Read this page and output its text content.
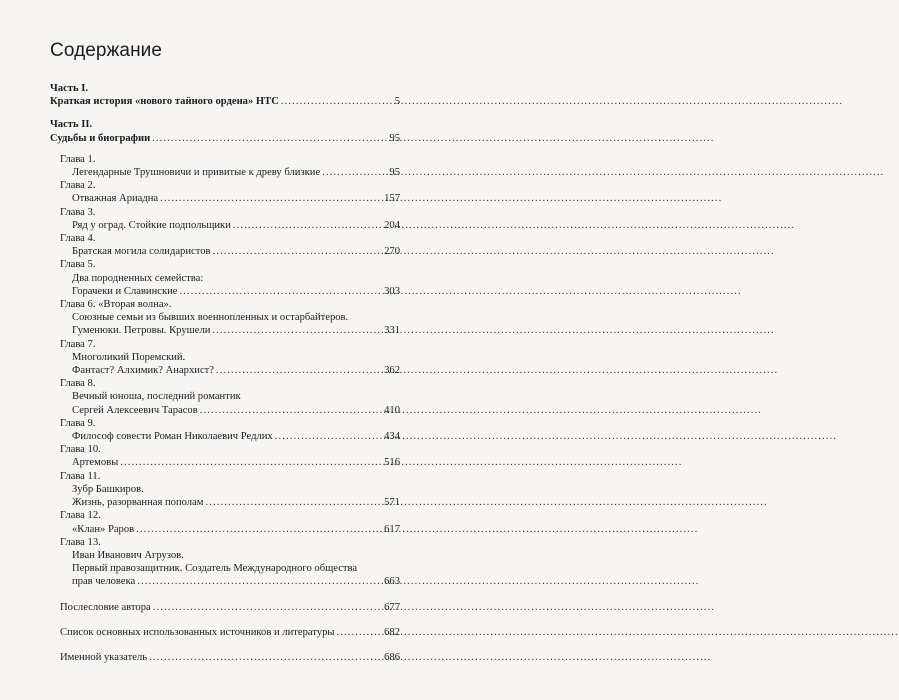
Содержание
Часть I.
Краткая история «нового тайного ордена» НТС .....	5
Часть II.
Судьбы и биографии .....	95
Глава 1.
Легендарные Трушновичи и привитые к древу близкие .....	95
Глава 2.
Отважная Ариадна .....	157
Глава 3.
Ряд у оград. Стойкие подпольщики .....	204
Глава 4.
Братская могила солидаристов .....	270
Глава 5.
Два породненных семейства:
Горачеки и Славинские .....	303
Глава 6. «Вторая волна».
Союзные семьи из бывших военнопленных и остарбайтеров.
Гуменюки. Петровы. Крушели .....	331
Глава 7.
Многоликий Поремский.
Фантаст? Алхимик? Анархист? .....	362
Глава 8.
Вечный юноша, последний романтик
Сергей Алексеевич Тарасов .....	410
Глава 9.
Философ совести Роман Николаевич Редлих .....	434
Глава 10.
Артемовы .....	516
Глава 11.
Зубр Башкиров.
Жизнь, разорванная пополам .....	571
Глава 12.
«Клан» Раров .....	617
Глава 13.
Иван Иванович Агрузов.
Первый правозащитник. Создатель Международного общества
прав человека .....	663
Послесловие автора .....	677
Список основных использованных источников и литературы .....	682
Именной указатель .....	686
